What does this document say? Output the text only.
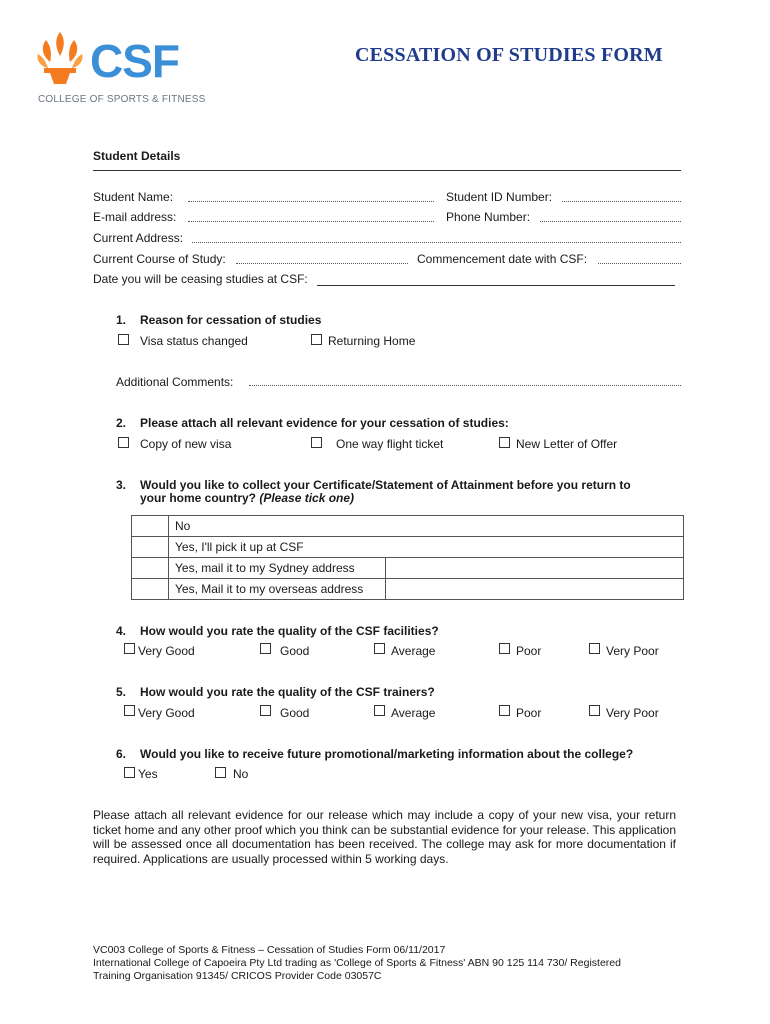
CSF
COLLEGE OF SPORTS & FITNESS
CESSATION OF STUDIES FORM
Student Details
Student Name:	Student ID Number:
E-mail address:	Phone Number:
Current Address:
Current Course of Study:	Commencement date with CSF:
Date you will be ceasing studies at CSF:
1. Reason for cessation of studies
Visa status changed	Returning Home
Additional Comments:
2. Please attach all relevant evidence for your cessation of studies:
Copy of new visa	One way flight ticket	New Letter of Offer
3. Would you like to collect your Certificate/Statement of Attainment before you return to
your home country? (Please tick one)
	No	
	Yes, I'll pick it up at CSF	
	Yes, mail it to my Sydney address	
	Yes, Mail it to my overseas address	
4. How would you rate the quality of the CSF facilities?
Very Good	Good	Average	Poor	Very Poor
5. How would you rate the quality of the CSF trainers?
Very Good	Good	Average	Poor	Very Poor
6. Would you like to receive future promotional/marketing information about the college?
Yes	No
Please attach all relevant evidence for our release which may include a copy of your new visa, your return ticket home and any other proof which you think can be substantial evidence for your release. This application will be assessed once all documentation has been received. The college may ask for more documentation if required. Applications are usually processed within 5 working days.
VC003 College of Sports & Fitness – Cessation of Studies Form 06/11/2017
International College of Capoeira Pty Ltd trading as 'College of Sports & Fitness' ABN 90 125 114 730/ Registered
Training Organisation 91345/ CRICOS Provider Code 03057C
